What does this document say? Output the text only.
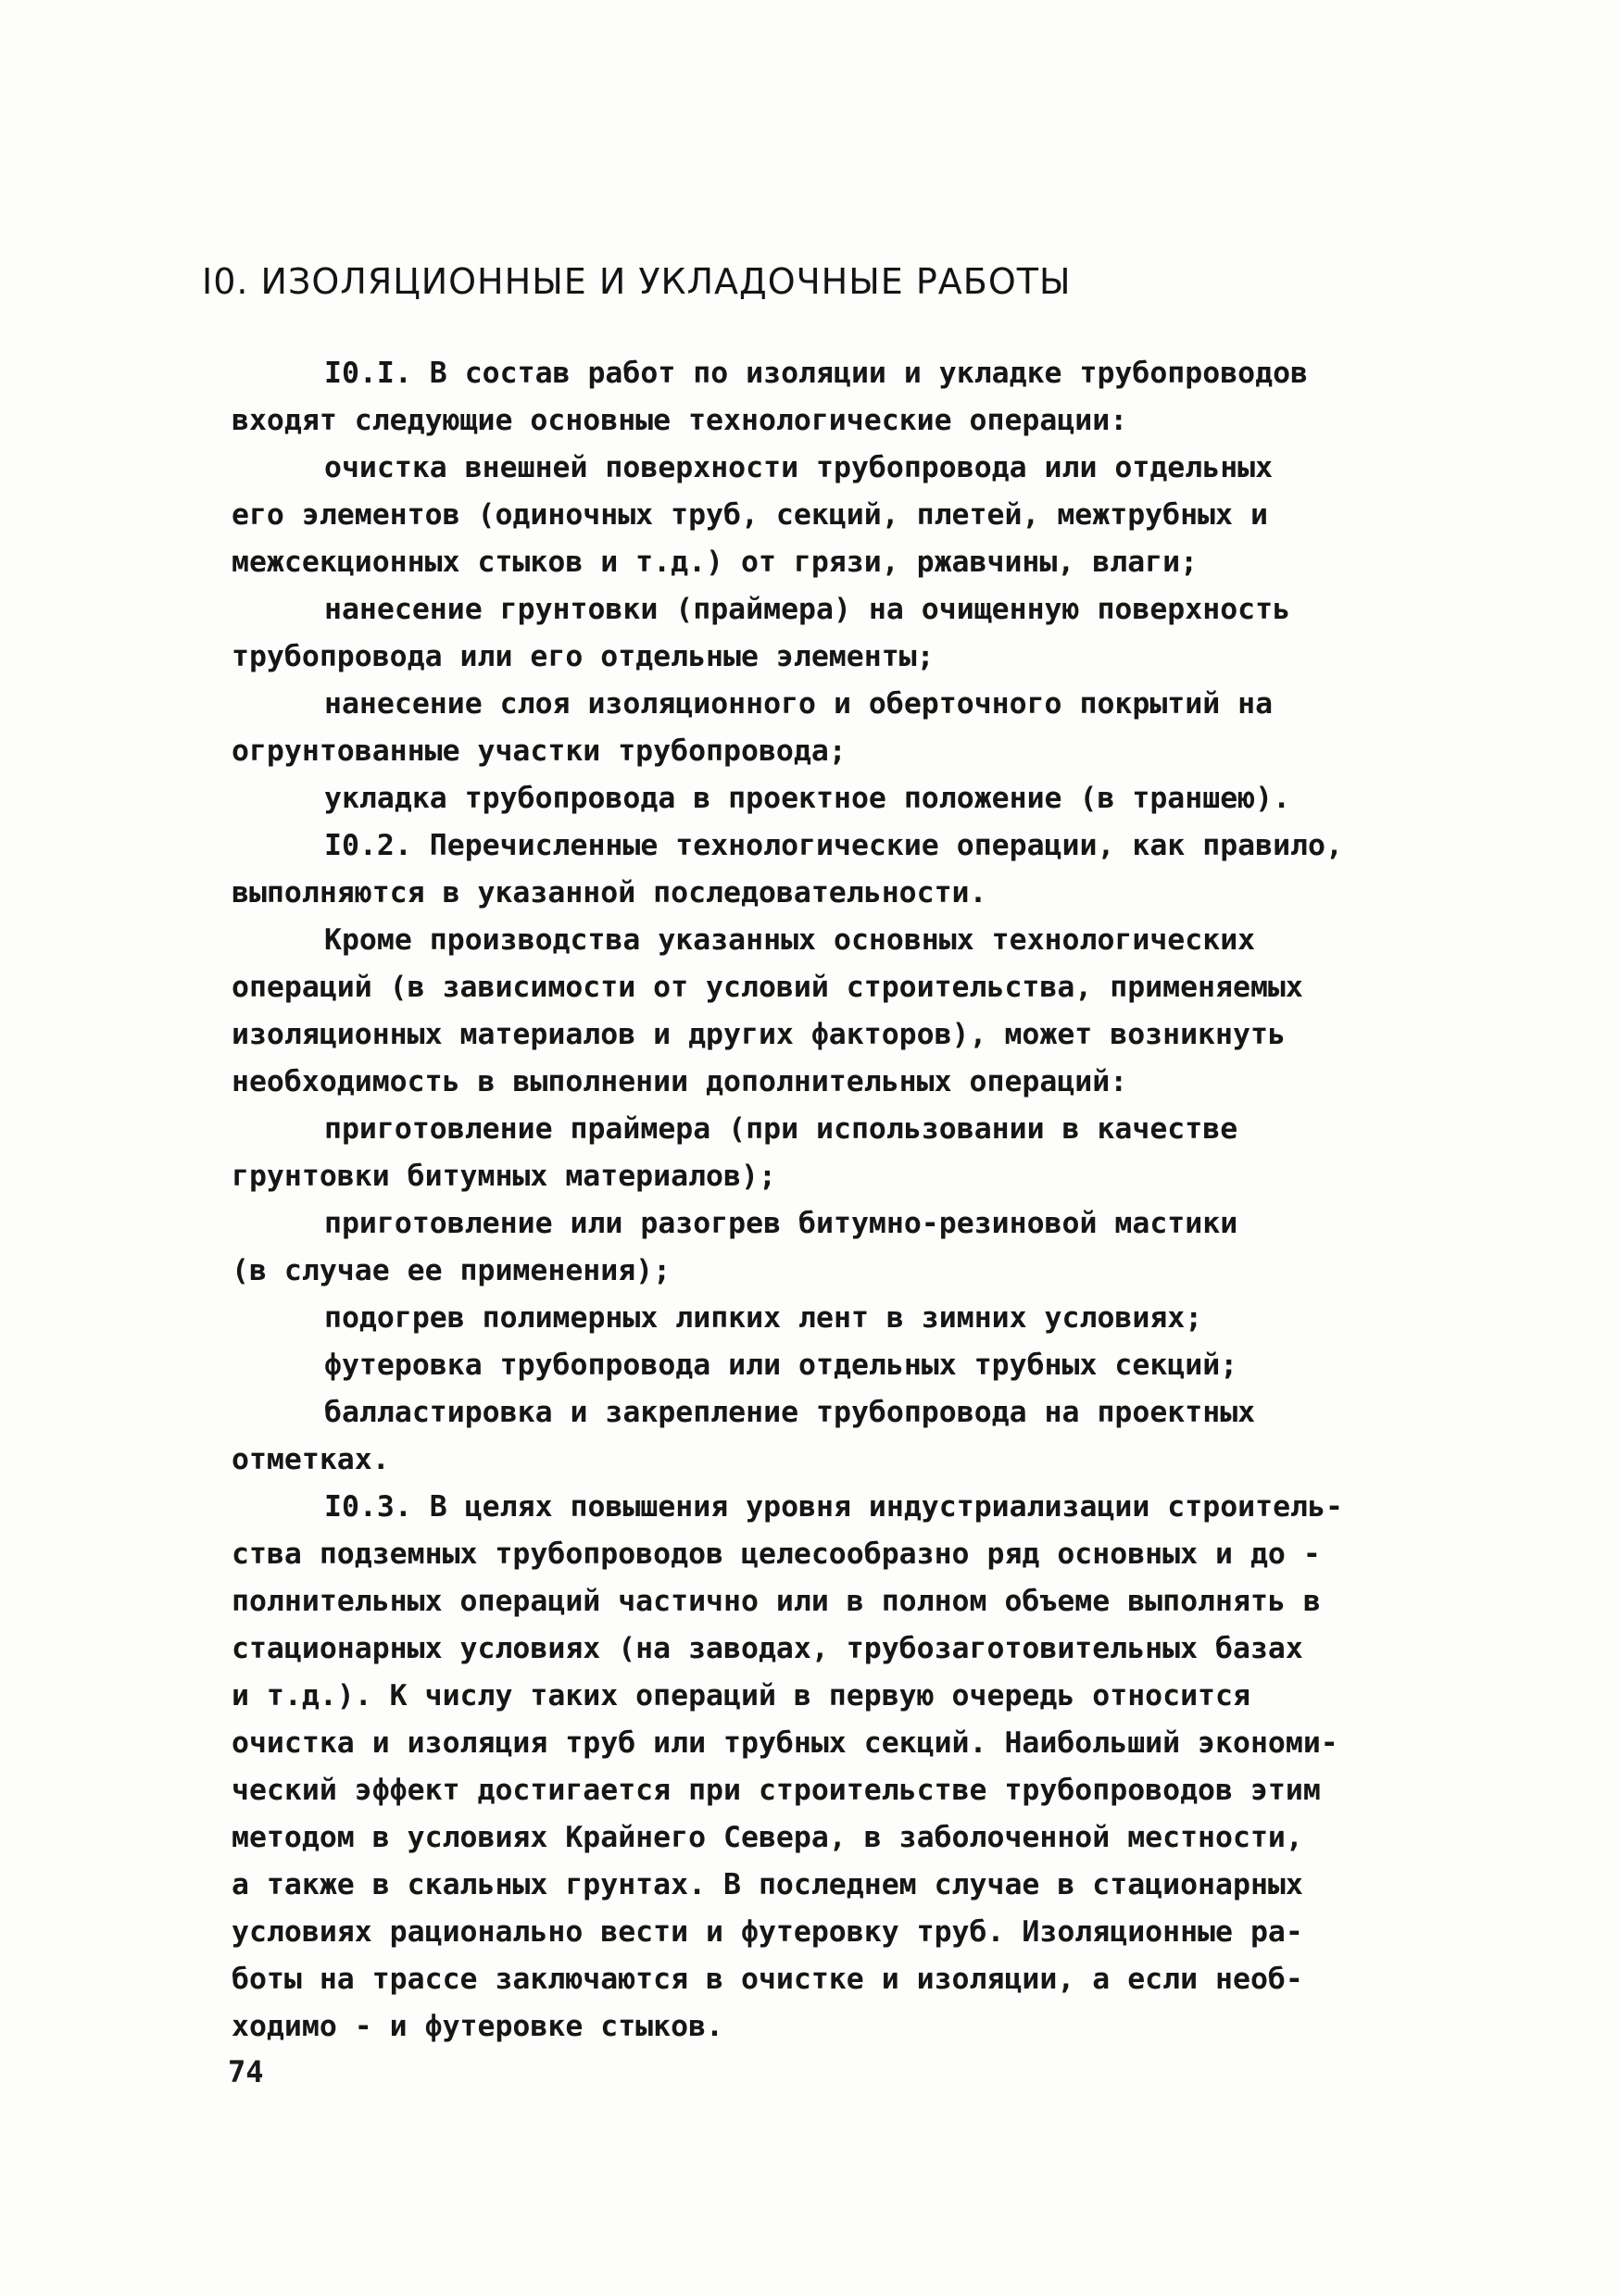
I0. ИЗОЛЯЦИОННЫЕ И УКЛАДОЧНЫЕ РАБОТЫ
I0.I. В состав работ по изоляции и укладке трубопроводов
входят следующие основные технологические операции:
очистка внешней поверхности трубопровода или отдельных
его элементов (одиночных труб, секций, плетей, межтрубных и
межсекционных стыков и т.д.) от грязи, ржавчины, влаги;
нанесение грунтовки (праймера) на очищенную поверхность
трубопровода или его отдельные элементы;
нанесение слоя изоляционного и оберточного покрытий на
огрунтованные участки трубопровода;
укладка трубопровода в проектное положение (в траншею).
I0.2. Перечисленные технологические операции, как правило,
выполняются в указанной последовательности.
Кроме производства указанных основных технологических
операций (в зависимости от условий строительства, применяемых
изоляционных материалов и других факторов), может возникнуть
необходимость в выполнении дополнительных операций:
приготовление праймера (при использовании в качестве
грунтовки битумных материалов);
приготовление или разогрев битумно-резиновой мастики
(в случае ее применения);
подогрев полимерных липких лент в зимних условиях;
футеровка трубопровода или отдельных трубных секций;
балластировка и закрепление трубопровода на проектных
отметках.
I0.3. В целях повышения уровня индустриализации строитель-
ства подземных трубопроводов целесообразно ряд основных и до -
полнительных операций частично или в полном объеме выполнять в
стационарных условиях (на заводах, трубозаготовительных базах
и т.д.). К числу таких операций в первую очередь относится
очистка и изоляция труб или трубных секций. Наибольший экономи-
ческий эффект достигается при строительстве трубопроводов этим
методом в условиях Крайнего Севера, в заболоченной местности,
а также в скальных грунтах. В последнем случае в стационарных
условиях рационально вести и футеровку труб. Изоляционные ра-
боты на трассе заключаются в очистке и изоляции, а если необ-
ходимо - и футеровке стыков.
74
